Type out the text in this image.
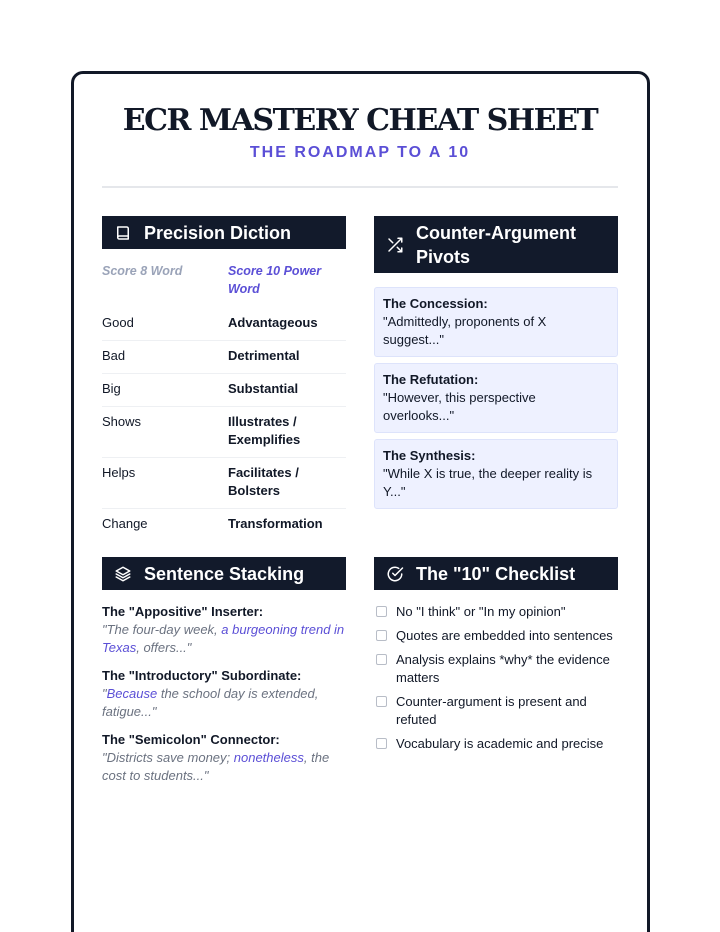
ECR MASTERY CHEAT SHEET
THE ROADMAP TO A 10
Precision Diction
Score 8 Word	Score 10 Power Word
Good	Advantageous
Bad	Detrimental
Big	Substantial
Shows	Illustrates / Exemplifies
Helps	Facilitates / Bolsters
Change	Transformation
Counter-Argument Pivots
The Concession:
"Admittedly, proponents of X suggest..."
The Refutation:
"However, this perspective overlooks..."
The Synthesis:
"While X is true, the deeper reality is Y..."
Sentence Stacking
The "Appositive" Inserter:
"The four-day week, a burgeoning trend in Texas, offers..."
The "Introductory" Subordinate:
"Because the school day is extended, fatigue..."
The "Semicolon" Connector:
"Districts save money; nonetheless, the cost to students..."
The "10" Checklist
No "I think" or "In my opinion"
Quotes are embedded into sentences
Analysis explains *why* the evidence matters
Counter-argument is present and refuted
Vocabulary is academic and precise
